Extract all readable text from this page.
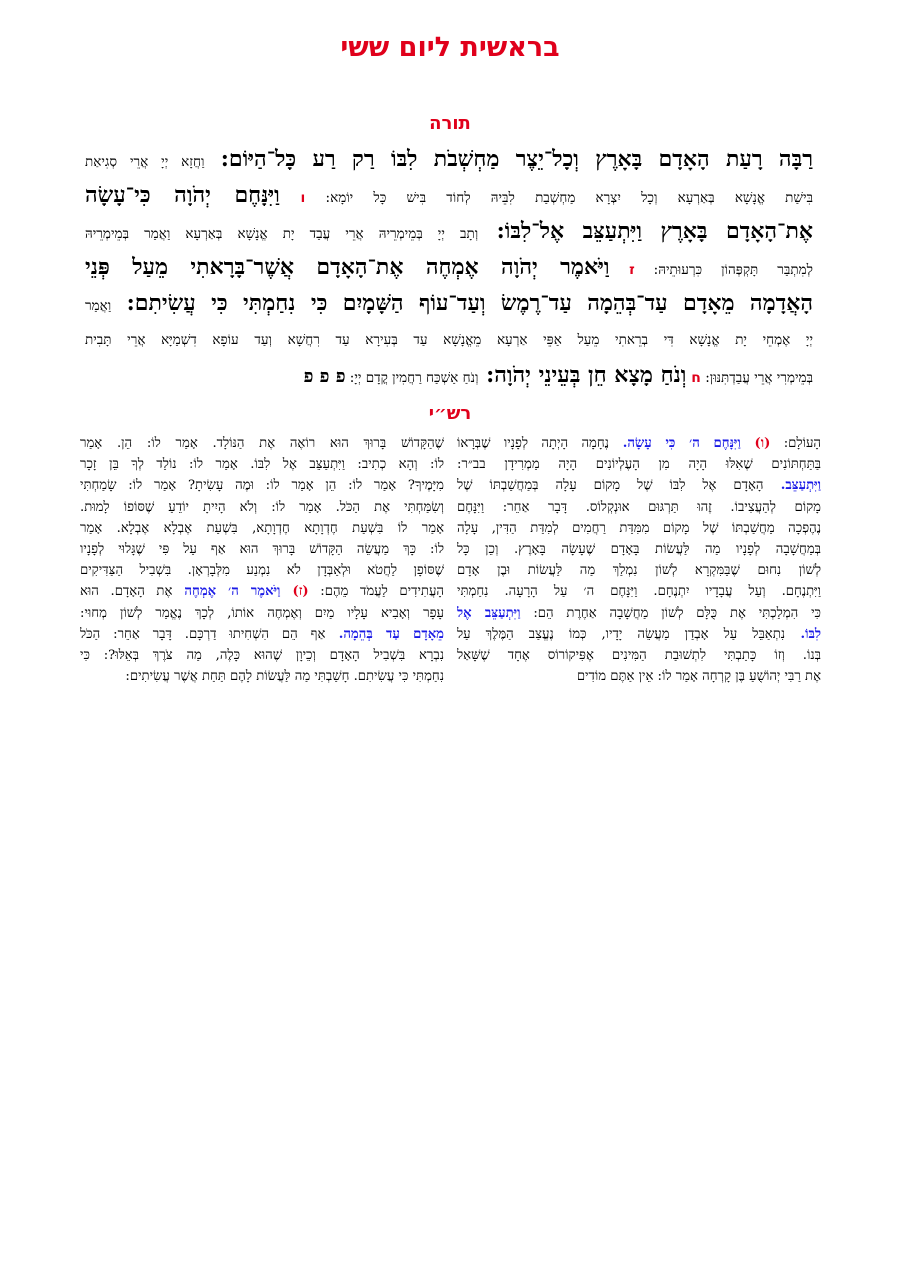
בראשית ליום ששי
תורה
רַבָּה רָעַת הָאָדָם בָּאָרֶץ וְכָל־יֵצֶר מַחְשְׁבֹת לִבּוֹ רַק רַע כָּל־הַיּוֹם: וַחֲזָא יְיָ אֲרֵי סְגִיאַת
בִּישַׁת אֱנָשָׁא בְּאַרְעָא וְכָל יִצְרָא מַחְשְׁבַת לִבֵּיהּ לְחוֹד בִּישׁ כָּל יוֹמָא: ו וַיִּנָּחֶם יְהֹוָה כִּי־עָשָׂה
אֶת־הָאָדָם בָּאָרֶץ וַיִּתְעַצֵּב אֶל־לִבּוֹ: וְתָב יְיָ בְּמֵימְרֵיהּ אֲרֵי עֲבַד יָת אֱנָשָׁא בְּאַרְעָא וַאֲמַר בְּמֵימְרֵיהּ
לְמִתְבַּר תָּקְפְּהוֹן כִּרְעוּתֵיהּ: ז וַיֹּאמֶר יְהֹוָה אֶמְחֶה אֶת־הָאָדָם אֲשֶׁר־בָּרָאתִי מֵעַל פְּנֵי
הָאֲדָמָה מֵאָדָם עַד־בְּהֵמָה עַד־רֶמֶשׂ וְעַד־עוֹף הַשָּׁמָיִם כִּי נִחַמְתִּי כִּי עֲשִׂיתִם: וַאֲמַר
יְיָ אֶמְחֵי יָת אֱנָשָׁא דִּי בְרֵאתִי מֵעַל אַפֵּי אַרְעָא מֵאֱנָשָׁא עַד בְּעִירָא עַד רִחֲשָׁא וְעַד עוֹפָא דִשְׁמַיָּא אֲרֵי תָּבִית
בְּמֵימְרִי אֲרֵי עֲבַדְתִּנּוּן: ח וְנֹחַ מָצָא חֵן בְּעֵינֵי יְהֹוָה: וְנֹחַ אַשְׁכַּח רַחֲמִין קֳדָם יְיָ: פ פ פ
רש״י
הָעוֹלָם: (ו) וַיִּנָּחֶם ה׳ כִּי עָשָׂה. נֶחָמָה הָיְתָה לְפָנָיו שֶׁבְּרָאוֹ
בַּתַּחְתּוֹנִים שֶׁאִלּוּ הָיָה מִן הָעֶלְיוֹנִים הָיָה מַמְרִידָן בב״ר:
וַיִּתְעַצֵּב. הָאָדָם אֶל לִבּוֹ שֶׁל מָקוֹם עָלָה בְּמַחֲשַׁבְתּוֹ שֶׁל
מָקוֹם לְהַעֲצִיבוֹ. זֶהוּ תַּרְגּוּם אוּנְקְלוֹס. דָּבָר אַחֵר: וַיִּנָּחֶם
נֶהֶפְכָה מַחֲשַׁבְתּוֹ שֶׁל מָקוֹם מִמִּדַּת רַחֲמִים לְמִדַּת הַדִּין, עָלָה
בְּמַחֲשָׁבָה לְפָנָיו מַה לַּעֲשׂוֹת בָּאָדָם שֶׁעָשָׂה בָּאָרֶץ. וְכֵן כָּל
לְשׁוֹן נִחוּם שֶׁבַּמִּקְרָא לְשׁוֹן נִמְלַךְ מַה לַּעֲשׂוֹת וּבֶן אָדָם
וַיִּתְנֶחָם. וְעַל עֲבָדָיו יִתְנֶחָם. וַיִּנָּחֶם ה׳ עַל הָרָעָה. נִחַמְתִּי
כִּי הִמְלַכְתִּי אֶת כֻּלָּם לְשׁוֹן מַחֲשָׁבָה אַחֶרֶת הֵם: וַיִּתְעַצֵּב אֶל
לִבּוֹ. נִתְאַבֵּל עַל אָבְדַן מַעֲשֵׂה יָדָיו, כְּמוֹ נֶעֱצַב הַמֶּלֶךְ עַל
בְּנוֹ. וְזוֹ כָּתַבְתִּי לִתְשׁוּבַת הַמִּינִים אֶפִּיקוֹרוֹס אֶחָד שֶׁשָּׁאַל
אֶת רַבִּי יְהוֹשֻׁעַ בֶּן קָרְחָה אָמַר לוֹ: אֵין אַתֶּם מוֹדִים
שֶׁהַקָּדוֹשׁ בָּרוּךְ הוּא רוֹאֶה אֶת הַנּוֹלָד. אָמַר לוֹ: הֵן. אָמַר
לוֹ: וְהָא כְתִיב: וַיִּתְעַצֵּב אֶל לִבּוֹ. אָמַר לוֹ: נוֹלַד לְךָ בֵּן זָכָר
מִיָּמֶיךָ? אָמַר לוֹ: הֵן אָמַר לוֹ: וּמֶה עָשִׂיתָ? אָמַר לוֹ: שָׂמַחְתִּי
וְשִׂמַּחְתִּי אֶת הַכֹּל. אָמַר לוֹ: וְלֹא הָיִיתָ יוֹדֵעַ שֶׁסּוֹפוֹ לָמוּת.
אָמַר לוֹ בִּשְׁעַת חֶדְוָתָא חֶדְוָתָא, בִּשְׁעַת אֶבְלָא אֶבְלָא. אָמַר
לוֹ: כָּךְ מַעֲשֵׂה הַקָּדוֹשׁ בָּרוּךְ הוּא אַף עַל פִּי שֶׁגָּלוּי לְפָנָיו
שֶׁסּוֹפָן לַחֲטֹא וּלְאַבְּדָן לֹא נִמְנַע מִלְּבָרְאָן. בִּשְׁבִיל הַצַּדִּיקִים
הָעֲתִידִים לַעֲמֹד מֵהֶם: (ז) וַיֹּאמֶר ה׳ אֶמְחֶה אֶת הָאָדָם. הוּא
עָפָר וְאָבִיא עָלָיו מַיִם וְאֶמְחֶה אוֹתוֹ, לְכָךְ נֶאֱמַר לְשׁוֹן מְחוּי:
מֵאָדָם עַד בְּהֵמָה. אַף הֵם הִשְׁחִיתוּ דַרְכָּם. דָּבָר אַחֵר: הַכֹּל
נִבְרָא בִּשְׁבִיל הָאָדָם וְכֵיוָן שֶׁהוּא כָּלֶה, מַה צֹּרֶךְ בְּאֵלּוּ?: כִּי
נִחַמְתִּי כִּי עֲשִׂיתִם. חָשַׁבְתִּי מַה לַּעֲשׂוֹת לָהֶם תַּחַת אֲשֶׁר עֲשִׂיתִים:
